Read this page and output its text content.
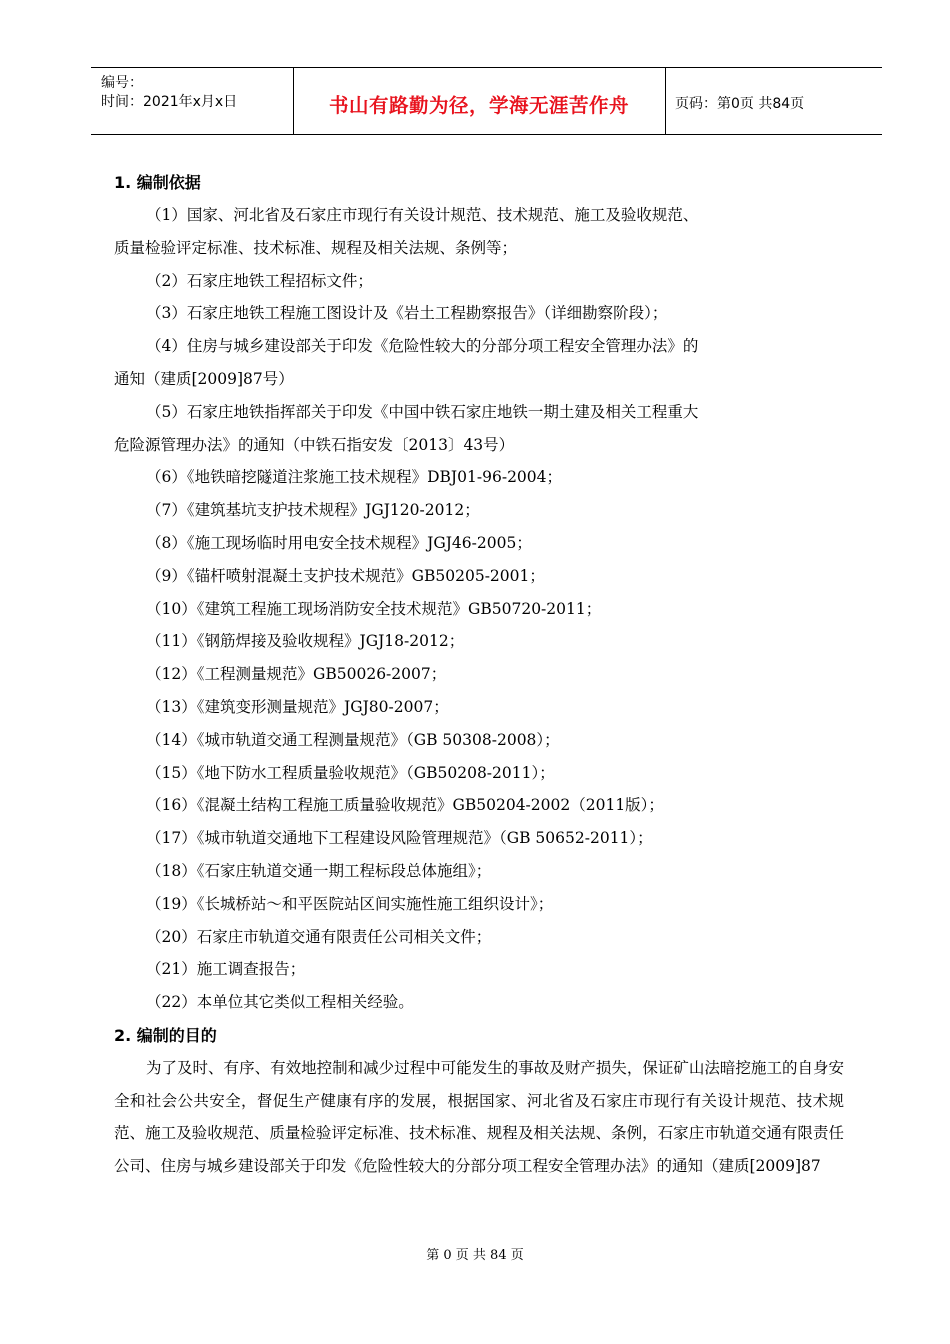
编号：
时间：2021年x月x日	书山有路勤为径，学海无涯苦作舟	页码：第0页 共84页
1. 编制依据
（1）国家、河北省及石家庄市现行有关设计规范、技术规范、施工及验收规范、
质量检验评定标准、技术标准、规程及相关法规、条例等；
（2）石家庄地铁工程招标文件；
（3）石家庄地铁工程施工图设计及《岩土工程勘察报告》（详细勘察阶段）；
（4）住房与城乡建设部关于印发《危险性较大的分部分项工程安全管理办法》的
通知（建质[2009]87号）
（5）石家庄地铁指挥部关于印发《中国中铁石家庄地铁一期土建及相关工程重大
危险源管理办法》的通知（中铁石指安发〔2013〕43号）
（6）《地铁暗挖隧道注浆施工技术规程》DBJ01-96-2004；
（7）《建筑基坑支护技术规程》JGJ120-2012；
（8）《施工现场临时用电安全技术规程》JGJ46-2005；
（9）《锚杆喷射混凝土支护技术规范》GB50205-2001；
（10）《建筑工程施工现场消防安全技术规范》GB50720-2011；
（11）《钢筋焊接及验收规程》JGJ18-2012；
（12）《工程测量规范》GB50026-2007；
（13）《建筑变形测量规范》JGJ80-2007；
（14）《城市轨道交通工程测量规范》（GB 50308-2008）；
（15）《地下防水工程质量验收规范》（GB50208-2011）；
（16）《混凝土结构工程施工质量验收规范》GB50204-2002（2011版）；
（17）《城市轨道交通地下工程建设风险管理规范》（GB 50652-2011）；
（18）《石家庄轨道交通一期工程标段总体施组》；
（19）《长城桥站～和平医院站区间实施性施工组织设计》；
（20）石家庄市轨道交通有限责任公司相关文件；
（21）施工调查报告；
（22）本单位其它类似工程相关经验。
2. 编制的目的
为了及时、有序、有效地控制和减少过程中可能发生的事故及财产损失，保证矿山法暗挖施工的自身安全和社会公共安全，督促生产健康有序的发展，根据国家、河北省及石家庄市现行有关设计规范、技术规范、施工及验收规范、质量检验评定标准、技术标准、规程及相关法规、条例，石家庄市轨道交通有限责任公司、住房与城乡建设部关于印发《危险性较大的分部分项工程安全管理办法》的通知（建质[2009]87
第 0 页 共 84 页
